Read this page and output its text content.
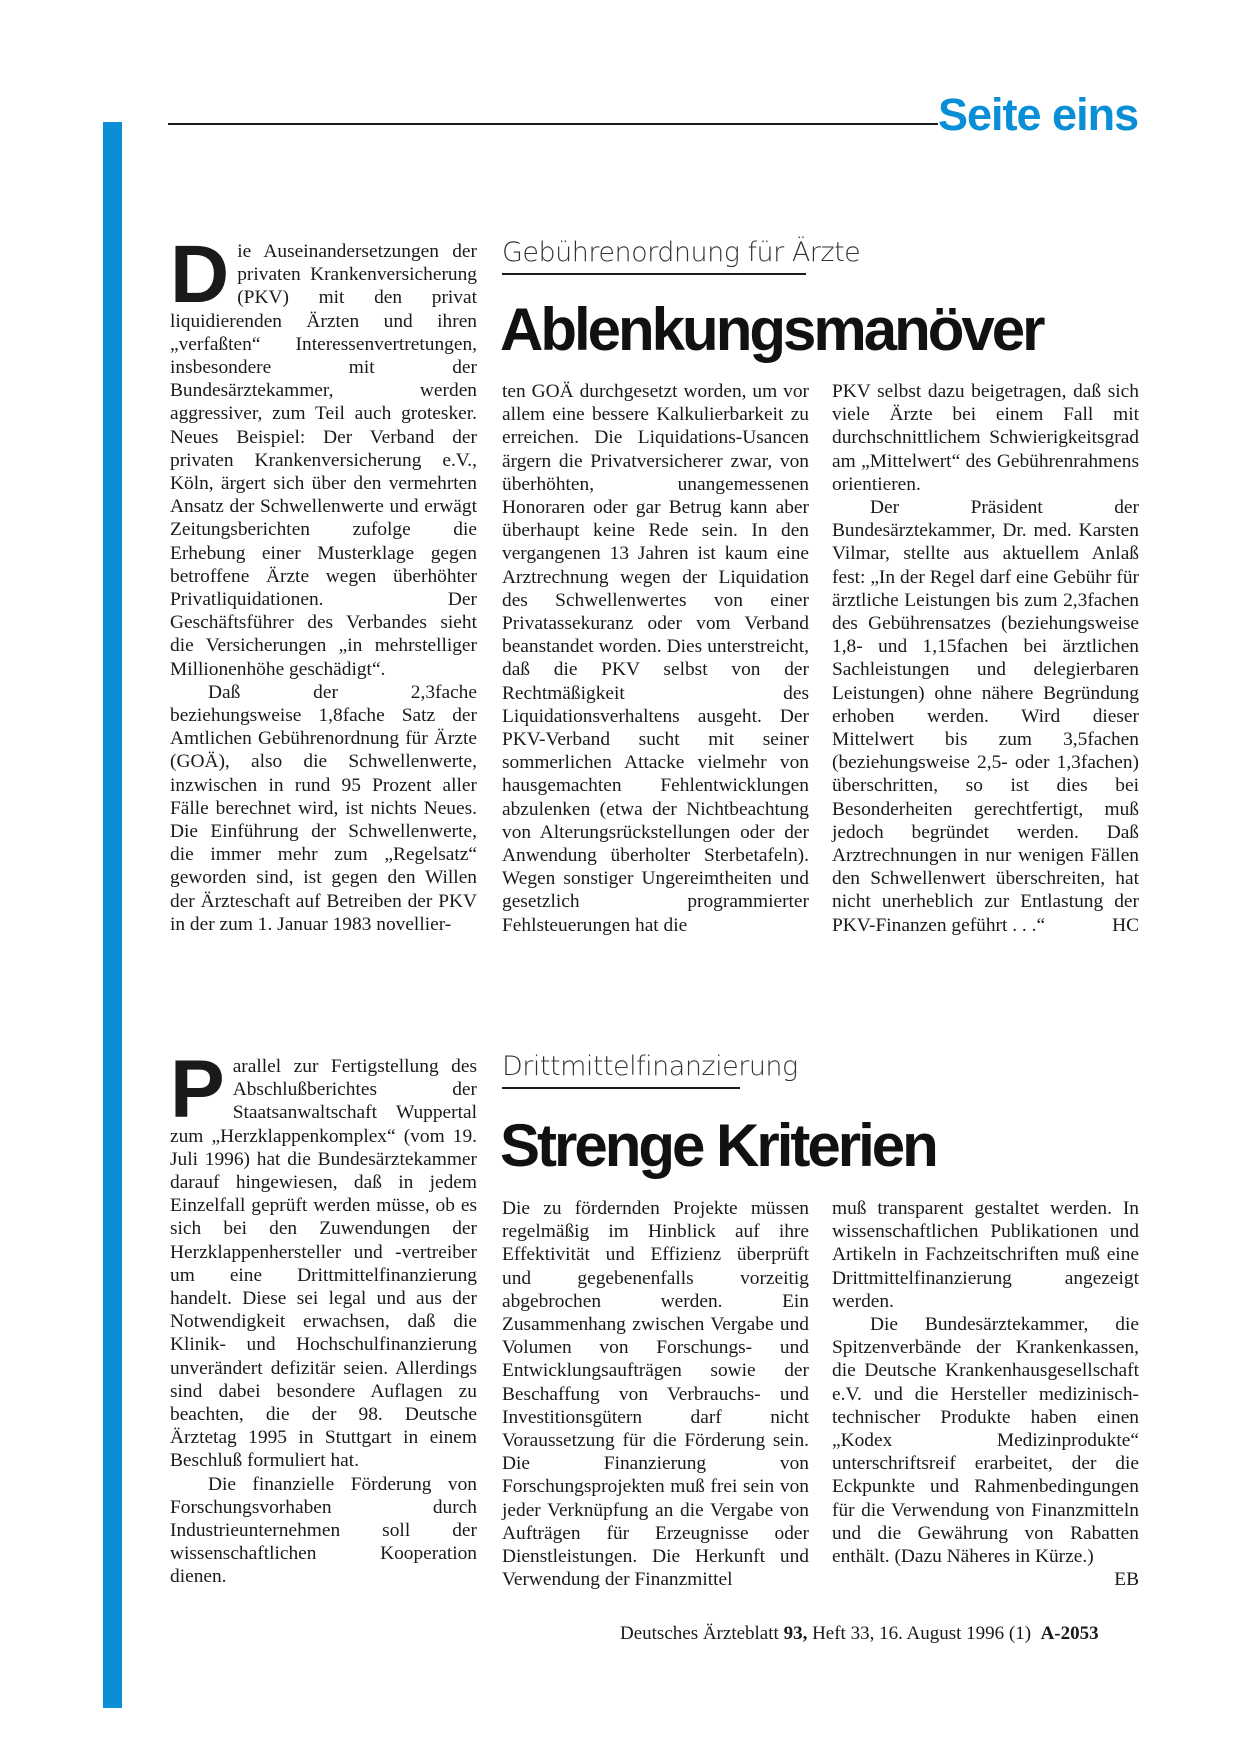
Seite eins
Gebührenordnung für Ärzte
Ablenkungsmanöver

Die Auseinandersetzungen der privaten Krankenversicherung (PKV) mit den privat liquidierenden Ärzten und ihren „verfaßten“ Interessenvertretungen, insbesondere mit der Bundesärztekammer, werden aggressiver, zum Teil auch grotesker. Neues Beispiel: Der Verband der privaten Krankenversicherung e.V., Köln, ärgert sich über den vermehrten Ansatz der Schwellenwerte und erwägt Zeitungsberichten zufolge die Erhebung einer Musterklage gegen betroffene Ärzte wegen überhöhter Privatliquidationen. Der Geschäftsführer des Verbandes sieht die Versicherungen „in mehrstelliger Millionenhöhe geschädigt“.

Daß der 2,3fache beziehungsweise 1,8fache Satz der Amtlichen Gebührenordnung für Ärzte (GOÄ), also die Schwellenwerte, inzwischen in rund 95 Prozent aller Fälle berechnet wird, ist nichts Neues. Die Einführung der Schwellenwerte, die immer mehr zum „Regelsatz“ geworden sind, ist gegen den Willen der Ärzteschaft auf Betreiben der PKV in der zum 1. Januar 1983 novellier-

ten GOÄ durchgesetzt worden, um vor allem eine bessere Kalkulierbarkeit zu erreichen. Die Liquidations-Usancen ärgern die Privatversicherer zwar, von überhöhten, unangemessenen Honoraren oder gar Betrug kann aber überhaupt keine Rede sein. In den vergangenen 13 Jahren ist kaum eine Arztrechnung wegen der Liquidation des Schwellenwertes von einer Privatassekuranz oder vom Verband beanstandet worden. Dies unterstreicht, daß die PKV selbst von der Rechtmäßigkeit des Liquidationsverhaltens ausgeht. Der PKV-Verband sucht mit seiner sommerlichen Attacke vielmehr von hausgemachten Fehlentwicklungen abzulenken (etwa der Nichtbeachtung von Alterungsrückstellungen oder der Anwendung überholter Sterbetafeln). Wegen sonstiger Ungereimtheiten und gesetzlich programmierter Fehlsteuerungen hat die

PKV selbst dazu beigetragen, daß sich viele Ärzte bei einem Fall mit durchschnittlichem Schwierigkeitsgrad am „Mittelwert“ des Gebührenrahmens orientieren.

Der Präsident der Bundesärztekammer, Dr. med. Karsten Vilmar, stellte aus aktuellem Anlaß fest: „In der Regel darf eine Gebühr für ärztliche Leistungen bis zum 2,3fachen des Gebührensatzes (beziehungsweise 1,8- und 1,15fachen bei ärztlichen Sachleistungen und delegierbaren Leistungen) ohne nähere Begründung erhoben werden. Wird dieser Mittelwert bis zum 3,5fachen (beziehungsweise 2,5- oder 1,3fachen) überschritten, so ist dies bei Besonderheiten gerechtfertigt, muß jedoch begründet werden. Daß Arztrechnungen in nur wenigen Fällen den Schwellenwert überschreiten, hat nicht unerheblich zur Entlastung der PKV-Finanzen geführt . . .“	HC

Drittmittelfinanzierung
Strenge Kriterien

Parallel zur Fertigstellung des Abschlußberichtes der Staatsanwaltschaft Wuppertal zum „Herzklappenkomplex“ (vom 19. Juli 1996) hat die Bundesärztekammer darauf hingewiesen, daß in jedem Einzelfall geprüft werden müsse, ob es sich bei den Zuwendungen der Herzklappenhersteller und -vertreiber um eine Drittmittelfinanzierung handelt. Diese sei legal und aus der Notwendigkeit erwachsen, daß die Klinik- und Hochschulfinanzierung unverändert defizitär seien. Allerdings sind dabei besondere Auflagen zu beachten, die der 98. Deutsche Ärztetag 1995 in Stuttgart in einem Beschluß formuliert hat.

Die finanzielle Förderung von Forschungsvorhaben durch Industrieunternehmen soll der wissenschaftlichen Kooperation dienen.

Die zu fördernden Projekte müssen regelmäßig im Hinblick auf ihre Effektivität und Effizienz überprüft und gegebenenfalls vorzeitig abgebrochen werden. Ein Zusammenhang zwischen Vergabe und Volumen von Forschungs- und Entwicklungsaufträgen sowie der Beschaffung von Verbrauchs- und Investitionsgütern darf nicht Voraussetzung für die Förderung sein. Die Finanzierung von Forschungsprojekten muß frei sein von jeder Verknüpfung an die Vergabe von Aufträgen für Erzeugnisse oder Dienstleistungen. Die Herkunft und Verwendung der Finanzmittel

muß transparent gestaltet werden. In wissenschaftlichen Publikationen und Artikeln in Fachzeitschriften muß eine Drittmittelfinanzierung angezeigt werden.

Die Bundesärztekammer, die Spitzenverbände der Krankenkassen, die Deutsche Krankenhausgesellschaft e.V. und die Hersteller medizinisch-technischer Produkte haben einen „Kodex Medizinprodukte“ unterschriftsreif erarbeitet, der die Eckpunkte und Rahmenbedingungen für die Verwendung von Finanzmitteln und die Gewährung von Rabatten enthält. (Dazu Näheres in Kürze.)
EB

Deutsches Ärzteblatt 93, Heft 33, 16. August 1996 (1) A-2053
